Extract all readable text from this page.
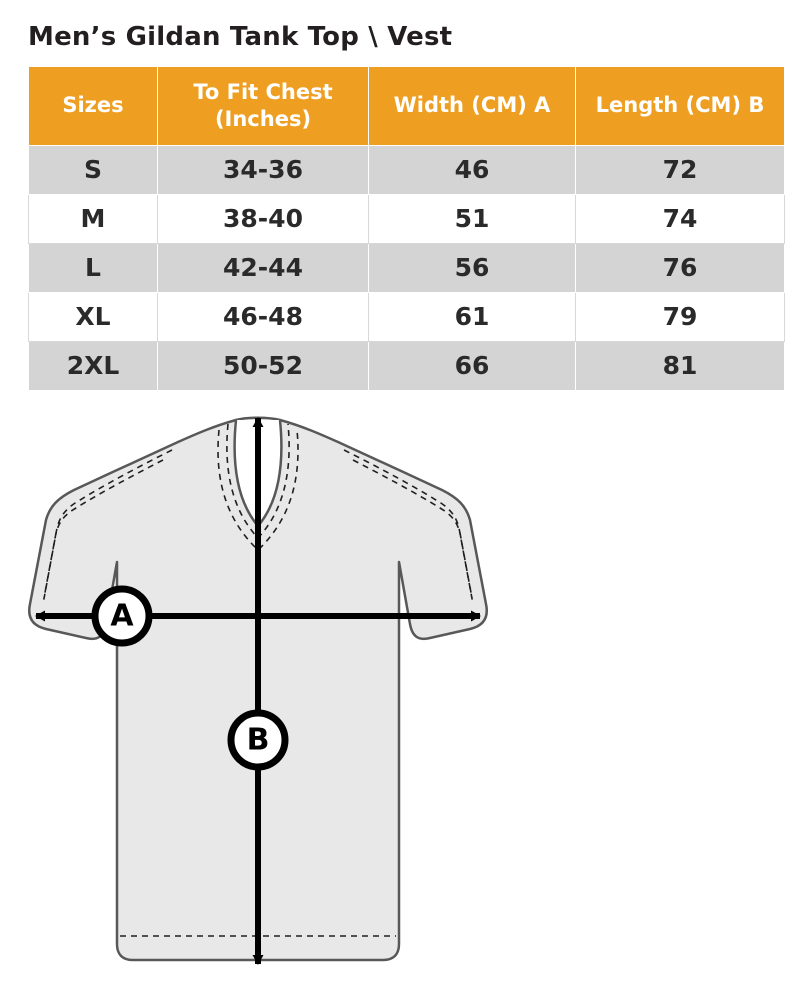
Men’s Gildan Tank Top \ Vest
Sizes	To Fit Chest (Inches)	Width (CM) A	Length (CM) B
S	34-36	46	72
M	38-40	51	74
L	42-44	56	76
XL	46-48	61	79
2XL	50-52	66	81
A
B
